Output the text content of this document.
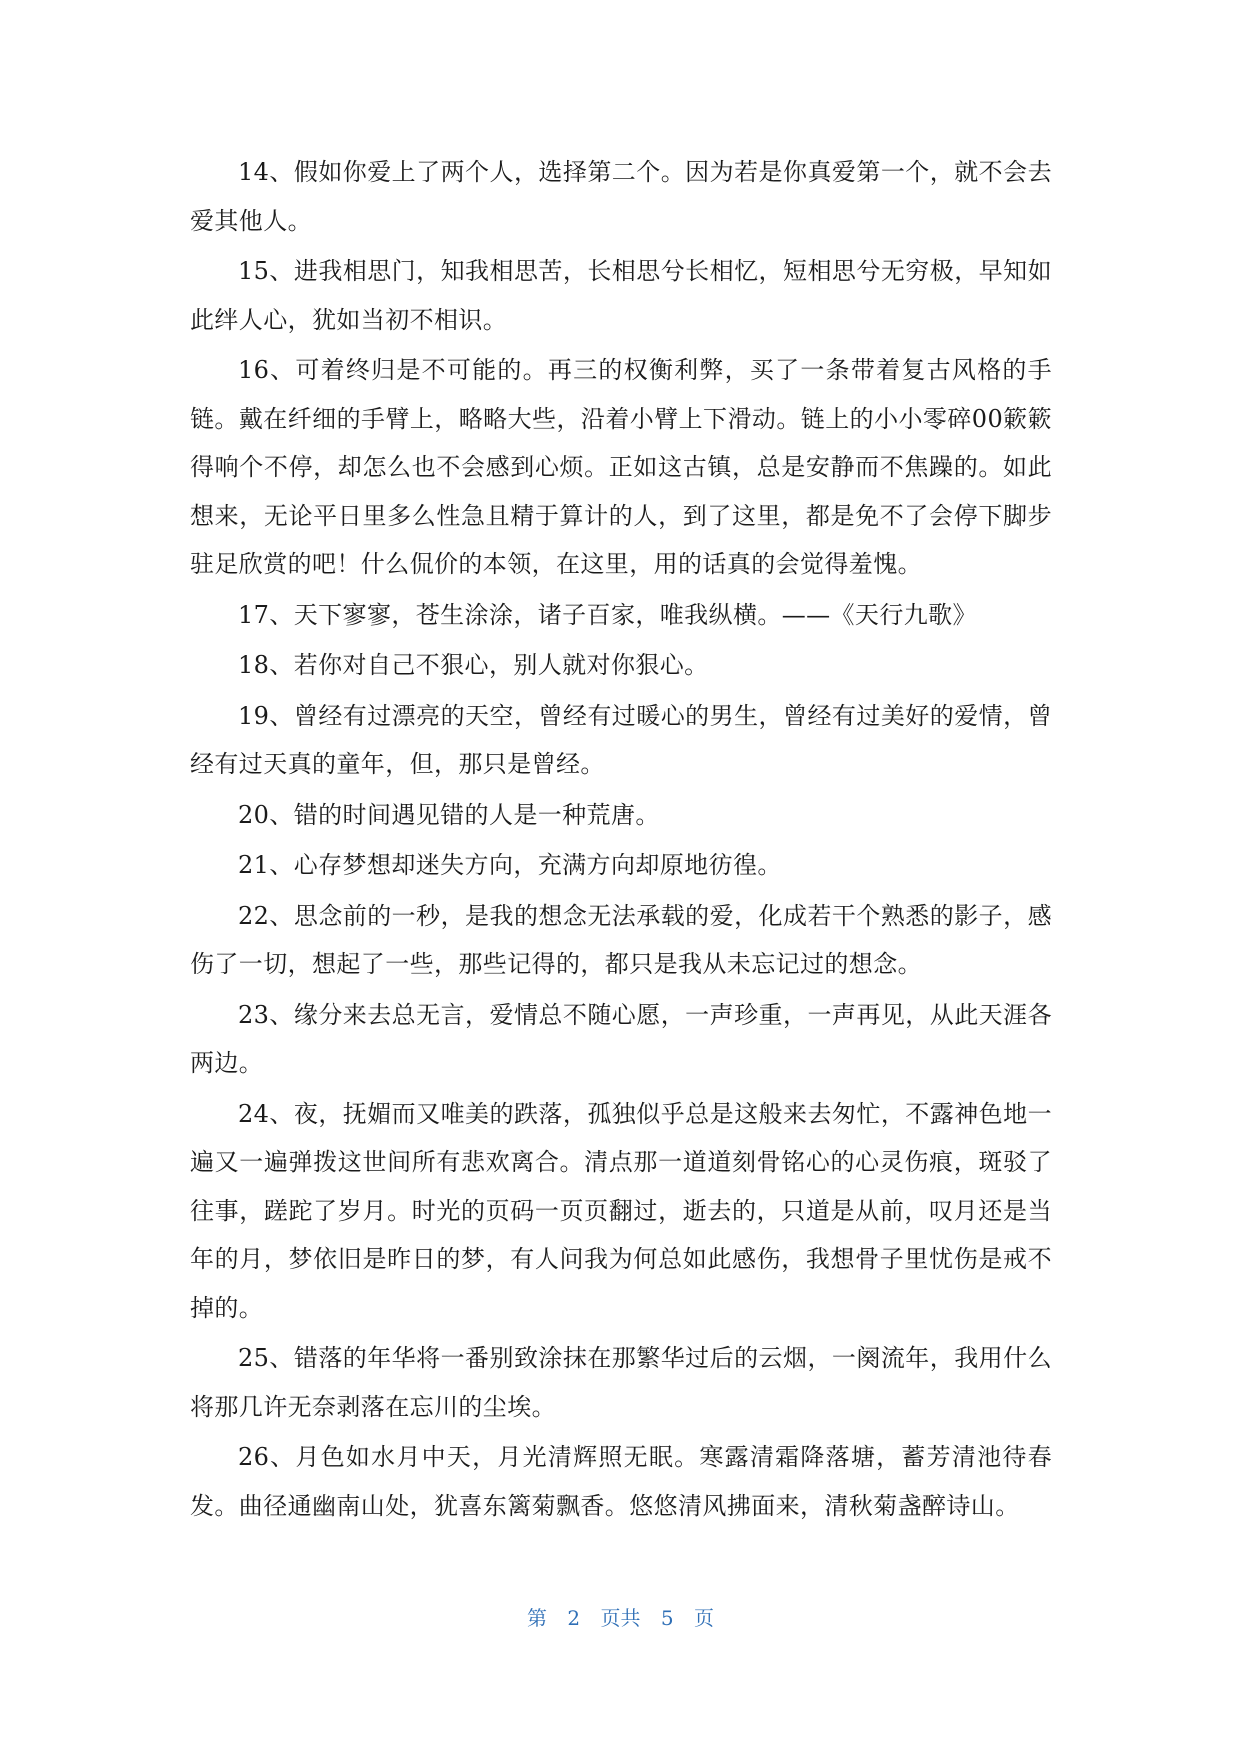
14、假如你爱上了两个人，选择第二个。因为若是你真爱第一个，就不会去爱其他人。

15、进我相思门，知我相思苦，长相思兮长相忆，短相思兮无穷极，早知如此绊人心，犹如当初不相识。

16、可着终归是不可能的。再三的权衡利弊，买了一条带着复古风格的手链。戴在纤细的手臂上，略略大些，沿着小臂上下滑动。链上的小小零碎00簌簌得响个不停，却怎么也不会感到心烦。正如这古镇，总是安静而不焦躁的。如此想来，无论平日里多么性急且精于算计的人，到了这里，都是免不了会停下脚步驻足欣赏的吧！什么侃价的本领，在这里，用的话真的会觉得羞愧。

17、天下寥寥，苍生涂涂，诸子百家，唯我纵横。——《天行九歌》

18、若你对自己不狠心，别人就对你狠心。

19、曾经有过漂亮的天空，曾经有过暖心的男生，曾经有过美好的爱情，曾经有过天真的童年，但，那只是曾经。

20、错的时间遇见错的人是一种荒唐。

21、心存梦想却迷失方向，充满方向却原地彷徨。

22、思念前的一秒，是我的想念无法承载的爱，化成若干个熟悉的影子，感伤了一切，想起了一些，那些记得的，都只是我从未忘记过的想念。

23、缘分来去总无言，爱情总不随心愿，一声珍重，一声再见，从此天涯各两边。

24、夜，抚媚而又唯美的跌落，孤独似乎总是这般来去匆忙，不露神色地一遍又一遍弹拨这世间所有悲欢离合。清点那一道道刻骨铭心的心灵伤痕，斑驳了往事，蹉跎了岁月。时光的页码一页页翻过，逝去的，只道是从前，叹月还是当年的月，梦依旧是昨日的梦，有人问我为何总如此感伤，我想骨子里忧伤是戒不掉的。

25、错落的年华将一番别致涂抹在那繁华过后的云烟，一阕流年，我用什么将那几许无奈剥落在忘川的尘埃。

26、月色如水月中天，月光清辉照无眠。寒露清霜降落塘，蓄芳清池待春发。曲径通幽南山处，犹喜东篱菊飘香。悠悠清风拂面来，清秋菊盏醉诗山。

第 2 页共 5 页
